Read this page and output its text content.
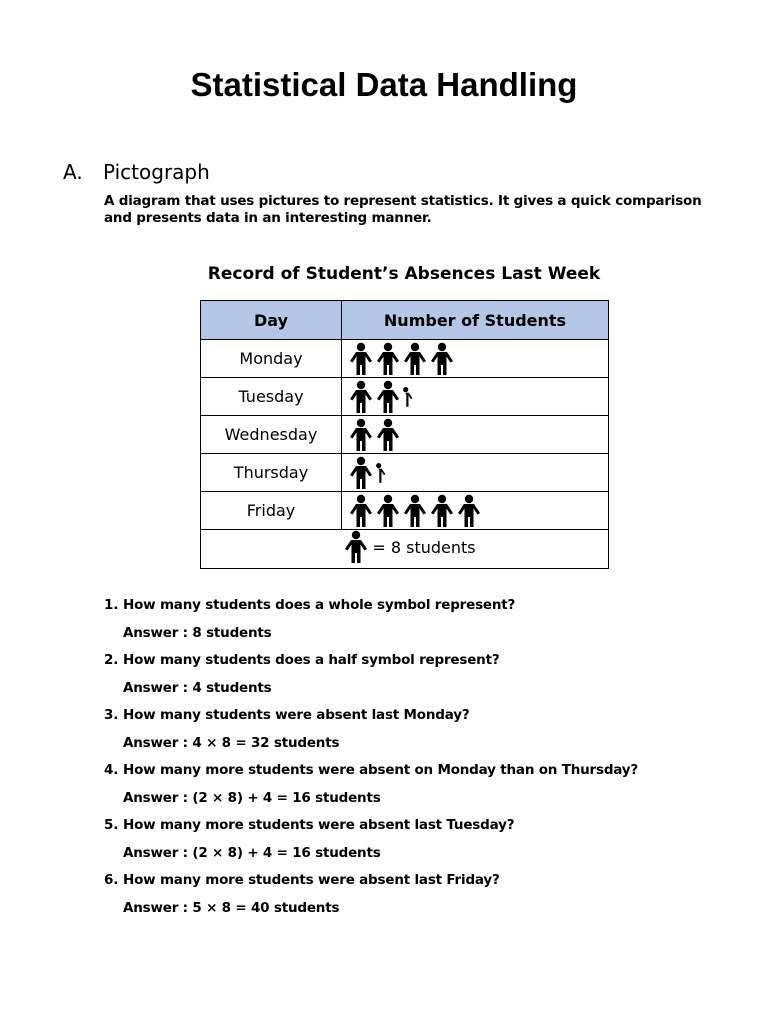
Statistical Data Handling
A. Pictograph
A diagram that uses pictures to represent statistics. It gives a quick comparison and presents data in an interesting manner.
Record of Student’s Absences Last Week
Day	Number of Students
Monday	

Tuesday	

Wednesday	

Thursday	

Friday	

= 8 students	
1. How many students does a whole symbol represent?
Answer : 8 students
2. How many students does a half symbol represent?
Answer : 4 students
3. How many students were absent last Monday?
Answer : 4 × 8 = 32 students
4. How many more students were absent on Monday than on Thursday?
Answer : (2 × 8) + 4 = 16 students
5. How many more students were absent last Tuesday?
Answer : (2 × 8) + 4 = 16 students
6. How many more students were absent last Friday?
Answer : 5 × 8 = 40 students
